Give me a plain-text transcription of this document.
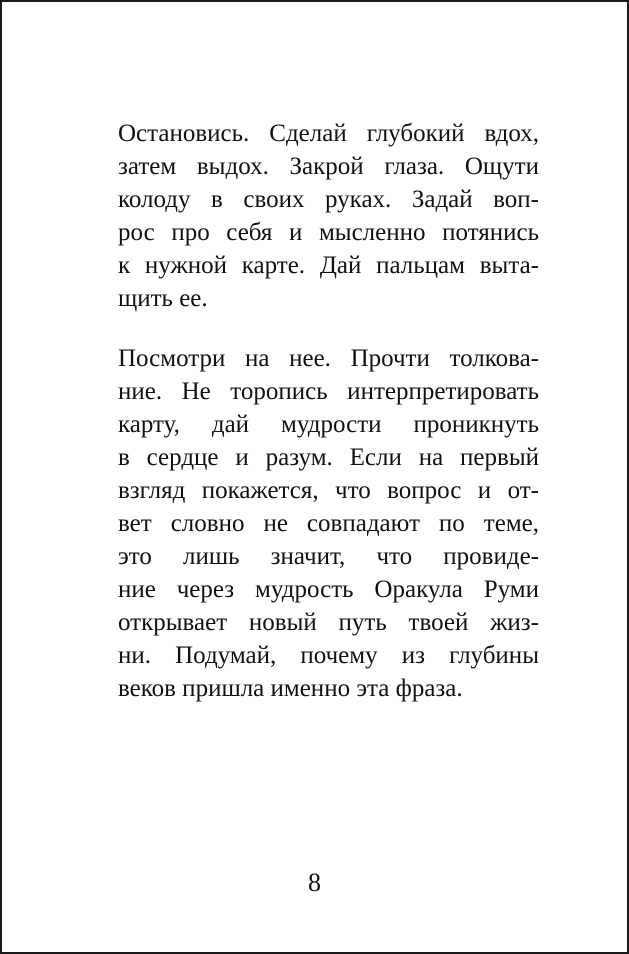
Остановись. Сделай глубокий вдох,
затем выдох. Закрой глаза. Ощути
колоду в своих руках. Задай воп-
рос про себя и мысленно потянись
к нужной карте. Дай пальцам выта-
щить ее.
Посмотри на нее. Прочти толкова-
ние. Не торопись интерпретировать
карту, дай мудрости проникнуть
в сердце и разум. Если на первый
взгляд покажется, что вопрос и от-
вет словно не совпадают по теме,
это лишь значит, что провиде-
ние через мудрость Оракула Руми
открывает новый путь твоей жиз-
ни. Подумай, почему из глубины
веков пришла именно эта фраза.
8
